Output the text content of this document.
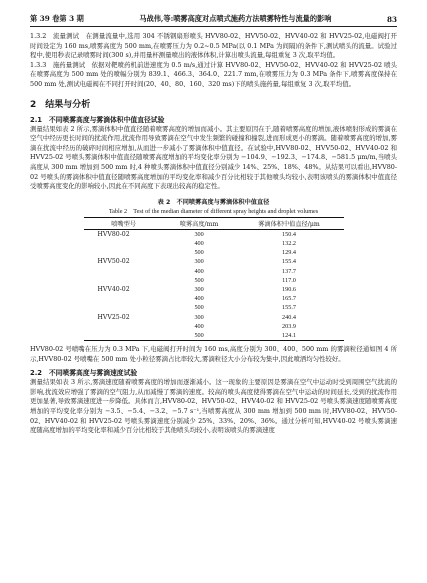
第 39 卷第 3 期	马战伟,等:喷雾高度对点喷式施药方法喷雾特性与流量的影响	83

1.3.2　流量测试　在测量流量中,选用 304 不锈钢扇形喷头 HVV80-02、HVV50-02、HVV40-02 和 HVV25-02,电磁阀打开时间设定为 160 ms,喷雾高度为 500 mm,在喷雾压力为 0.2~0.5 MPa(以 0.1 MPa 为间隔)的条件下,测试喷头的流量。试验过程中,使用秒表记录喷雾时间(300 s),并用量杯测量喷出的液体体积,计算出喷头流量,每组重复 3 次,取平均值。

1.3.3　施药量测试　依据对靶喷药机前进速度为 0.5 m/s,通过计算 HVV80-02、HVV50-02、HVV40-02 和 HVV25-02 喷头在喷雾高度为 500 mm 处的喷幅分别为 839.1、466.3、364.0、221.7 mm,在喷雾压力为 0.3 MPa 条件下,喷雾高度保持在 500 mm 处,测试电磁阀在不同打开时间(20、40、80、160、320 ms)下的喷头施药量,每组重复 3 次,取平均值。

2　结果与分析
2.1　不同喷雾高度与雾滴体积中值直径试验

测量结果如表 2 所示,雾滴体积中值直径随着喷雾高度的增加而减小。其主要原因在于,随着喷雾高度的增加,液体喷射形成的雾滴在空气中经历更长时间的扰流作用,扰流作用导致雾滴在空气中发生频繁的碰撞和撞裂,进而形成更小的雾滴。随着喷雾高度的增加,雾滴在扰流中经历的破碎时间相应增加,从而进一步减小了雾滴体积中值直径。在试验中,HVV80-02、HVV50-02、HVV40-02 和 HVV25-02 号喷头雾滴体积中值直径随喷雾高度增加的平均变化率分别为 −104.9、−192.3、−174.8、−581.5 μm/m,当喷头高度从 300 mm 增加到 500 mm 时,4 种喷头雾滴体积中值直径分别减少 14%、25%、18%、48%。从结果可以看出,HVV80-02 号喷头的雾滴体积中值直径随喷雾高度增加的平均变化率和减少百分比相较于其他喷头均较小,表明该喷头的雾滴体积中值直径受喷雾高度变化的影响较小,因此在不同高度下表现出较高的稳定性。

表 2　不同喷雾高度与雾滴体积中值直径
Table 2　Test of the median diameter of different spray heights and droplet volumes
喷嘴型号	喷雾高度/mm	雾滴体积中值直径/μm
HVV80-02	300	150.4
	400	132.2
	500	129.4
HVV50-02	300	155.4
	400	137.7
	500	117.0
HVV40-02	300	190.6
	400	165.7
	500	155.7
HVV25-02	300	240.4
	400	203.9
	500	124.1

HVV80-02 号喷嘴在压力为 0.3 MPa 下,电磁阀打开时间为 160 ms,高度分别为 300、400、500 mm 的雾滴粒径通如图 4 所示,HVV80-02 号喷嘴在 500 mm 处小粒径雾滴占比率较大,雾滴粒径大小分布较为集中,因此喷洒均匀性较好。

2.2　不同喷雾高度与雾滴速度试验

测量结果如表 3 所示,雾滴速度随着喷雾高度的增加而逐渐减小。这一现象的主要原因是雾滴在空气中运动时受到周围空气扰流的影响,扰流效应增强了雾滴的空气阻力,从而减慢了雾滴的速度。较高的喷头高度使得雾滴在空气中运动的时间延长,受到的扰流作用更加显著,导致雾滴速度进一步降低。具体而言,HVV80-02、HVV50-02、HVV40-02 和 HVV25-02 号喷头雾滴速度随喷雾高度增加的平均变化率分别为 −3.5、−5.4、−3.2、−5.7 s⁻¹,当喷雾高度从 300 mm 增加到 500 mm 时,HVV80-02、HVV50-02、HVV40-02 和 HVV25-02 号喷头雾滴速度分别减少 25%、33%、20%、36%。通过分析可知,HVV40-02 号喷头雾滴速度随高度增加的平均变化率和减少百分比相较于其他喷头均较小,表明该喷头的雾滴速度
